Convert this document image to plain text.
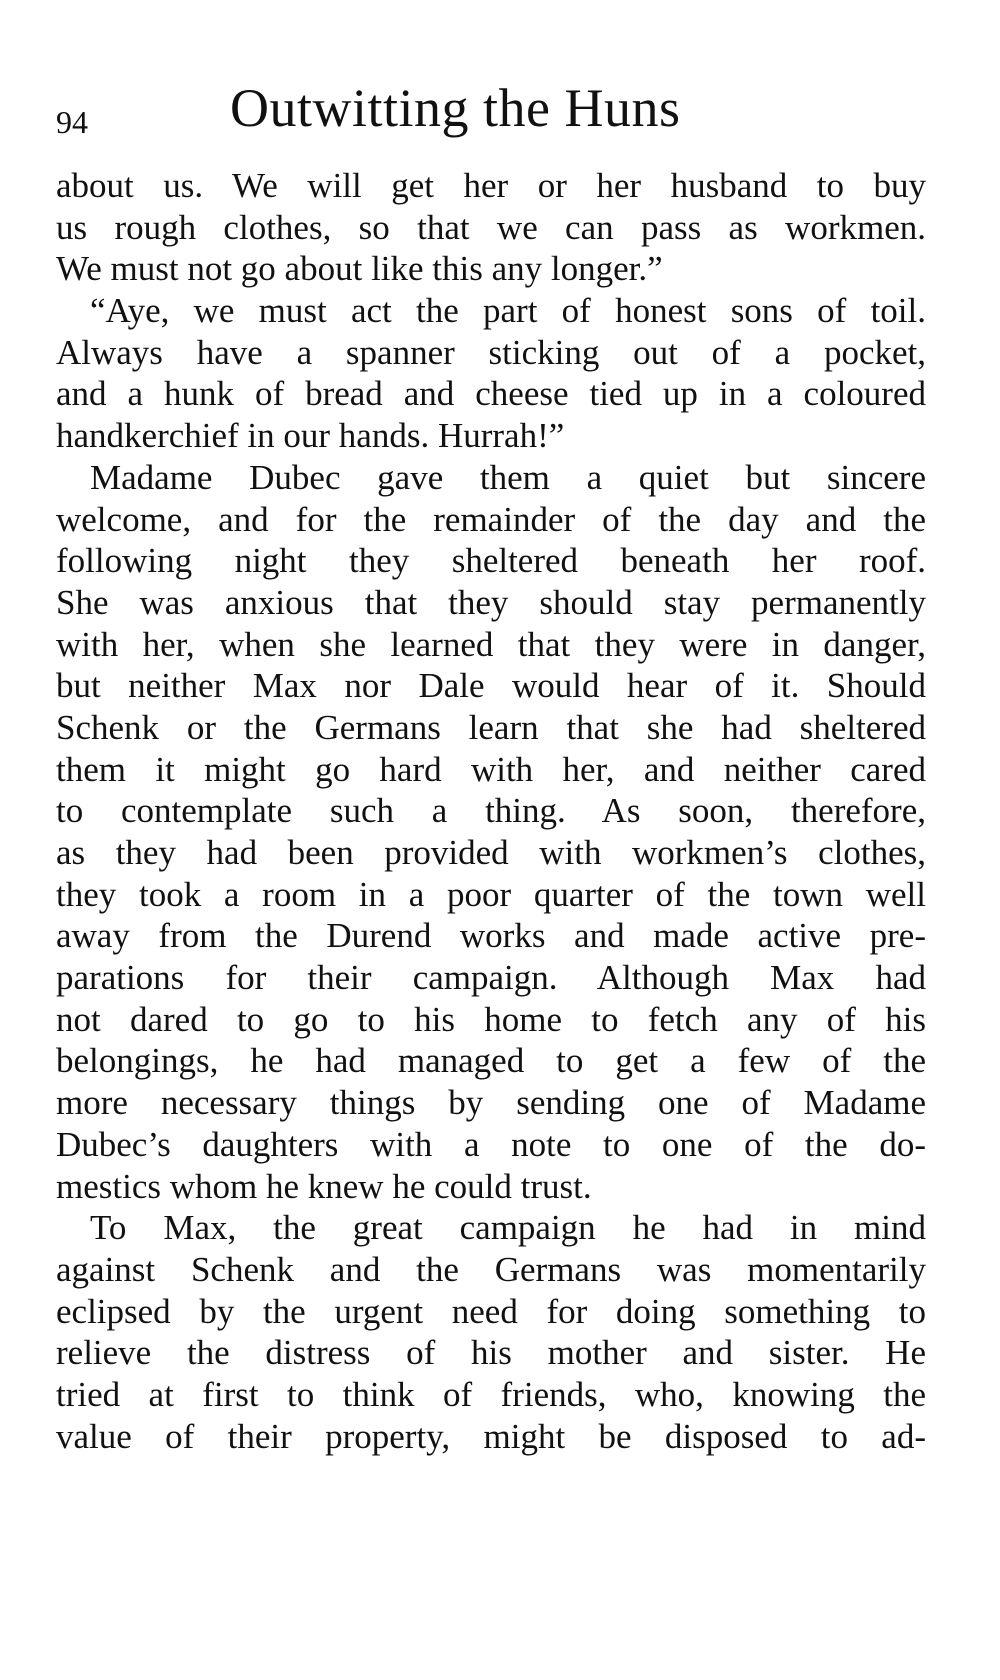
94	Outwitting the Huns
about us. We will get her or her husband to buy
us rough clothes, so that we can pass as workmen.
We must not go about like this any longer.”
“Aye, we must act the part of honest sons of toil.
Always have a spanner sticking out of a pocket,
and a hunk of bread and cheese tied up in a coloured
handkerchief in our hands. Hurrah!”
Madame Dubec gave them a quiet but sincere
welcome, and for the remainder of the day and the
following night they sheltered beneath her roof.
She was anxious that they should stay permanently
with her, when she learned that they were in danger,
but neither Max nor Dale would hear of it. Should
Schenk or the Germans learn that she had sheltered
them it might go hard with her, and neither cared
to contemplate such a thing. As soon, therefore,
as they had been provided with workmen’s clothes,
they took a room in a poor quarter of the town well
away from the Durend works and made active pre-
parations for their campaign. Although Max had
not dared to go to his home to fetch any of his
belongings, he had managed to get a few of the
more necessary things by sending one of Madame
Dubec’s daughters with a note to one of the do-
mestics whom he knew he could trust.
To Max, the great campaign he had in mind
against Schenk and the Germans was momentarily
eclipsed by the urgent need for doing something to
relieve the distress of his mother and sister. He
tried at first to think of friends, who, knowing the
value of their property, might be disposed to ad-
